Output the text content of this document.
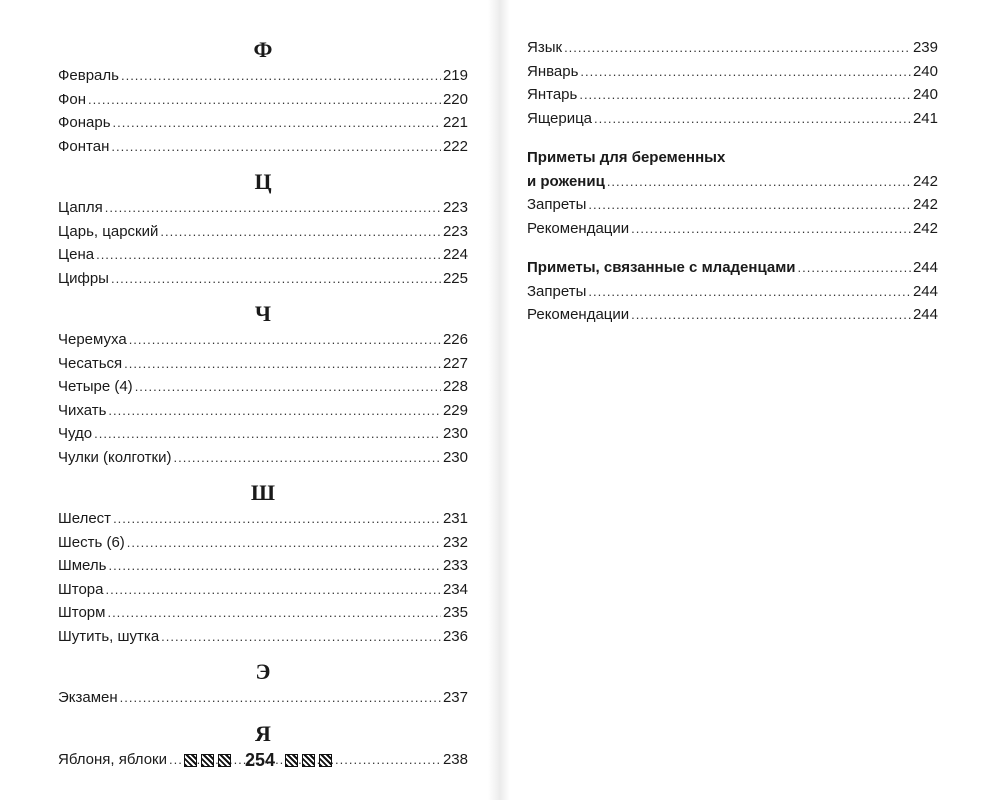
Ф
Февраль .....	219
Фон .....	220
Фонарь .....	221
Фонтан .....	222
Ц
Цапля .....	223
Царь, царский .....	223
Цена .....	224
Цифры .....	225
Ч
Черемуха .....	226
Чесаться .....	227
Четыре (4) .....	228
Чихать .....	229
Чудо .....	230
Чулки (колготки) .....	230
Ш
Шелест .....	231
Шесть (6) .....	232
Шмель .....	233
Штора .....	234
Шторм .....	235
Шутить, шутка .....	236
Э
Экзамен .....	237
Я
Яблоня, яблоки .....	238
254
Язык .....	239
Январь .....	240
Янтарь .....	240
Ящерица .....	241
Приметы для беременных
и рожениц .....	242
Запреты .....	242
Рекомендации .....	242
Приметы, связанные с младенцами .....	244
Запреты .....	244
Рекомендации .....	244
